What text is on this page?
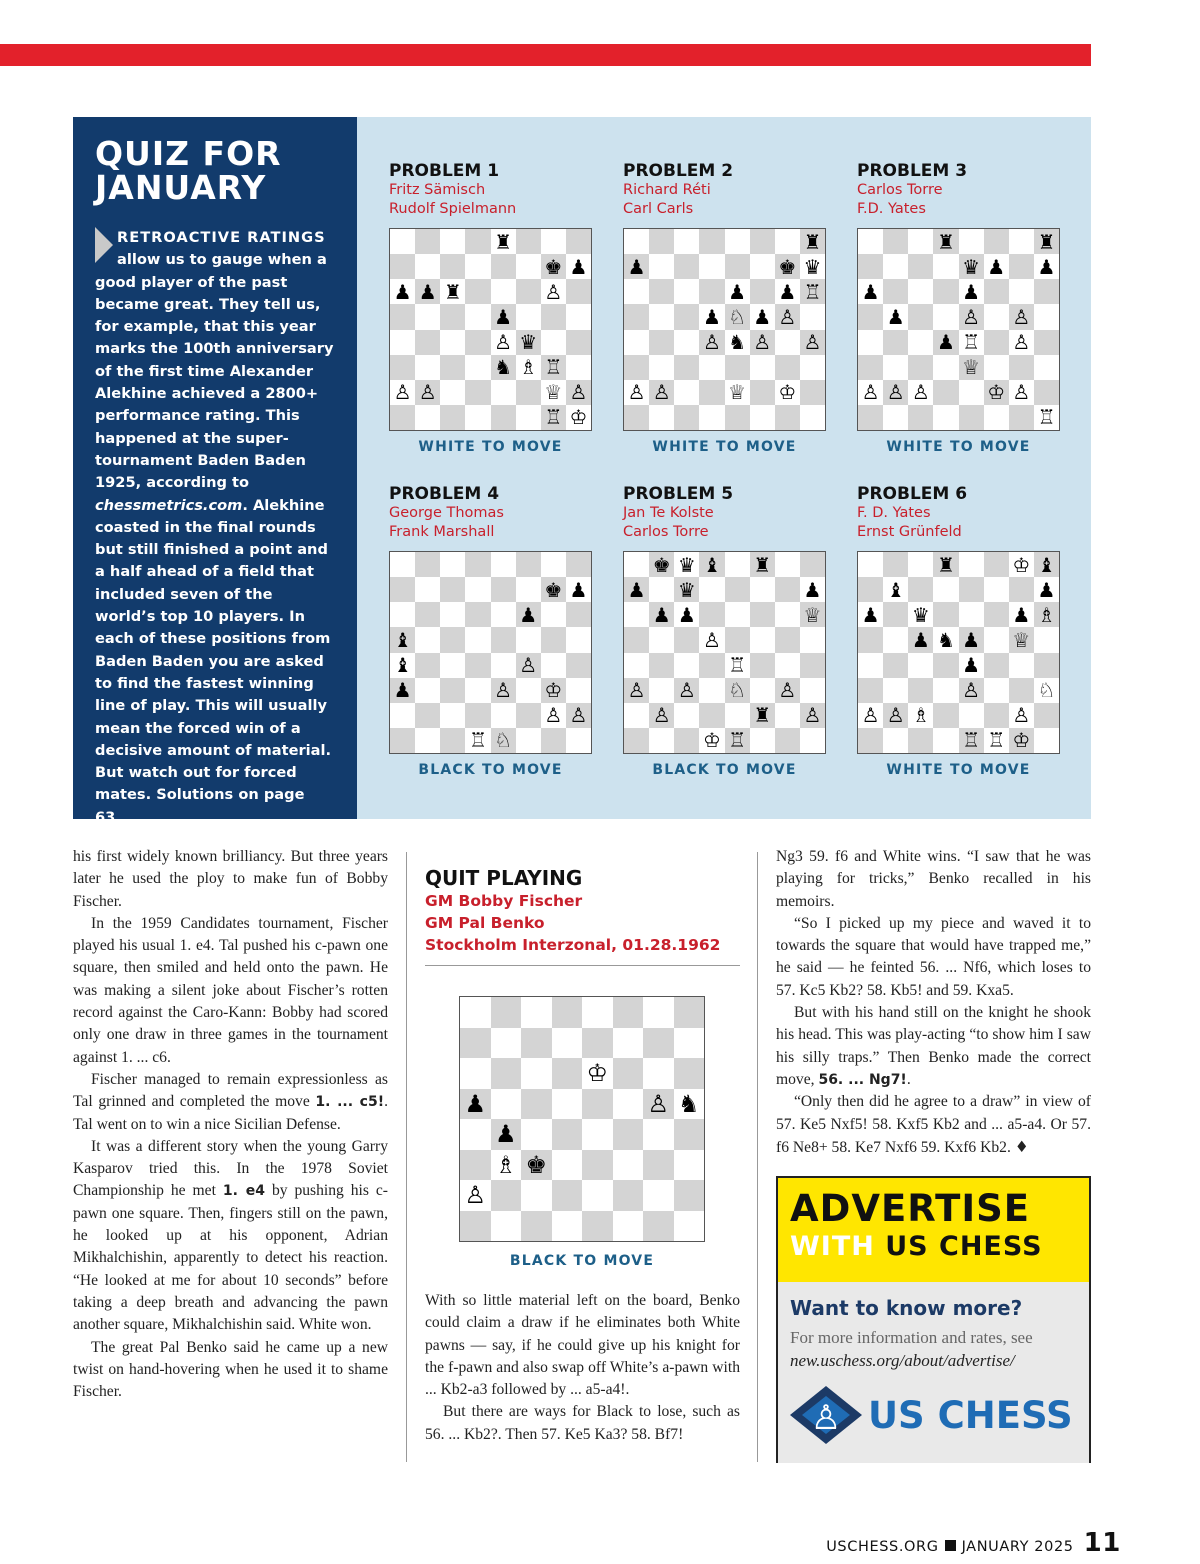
QUIZ FOR
JANUARY
RETROACTIVE RATINGS allow us to gauge when a good player of the past became great. They tell us, for example, that this year marks the 100th anniversary of the first time Alexander Alekhine achieved a 2800+ performance rating. This happened at the super-tournament Baden Baden 1925, according to chessmetrics.com. Alekhine coasted in the final rounds but still finished a point and a half ahead of a field that included seven of the world’s top 10 players. In each of these positions from Baden Baden you are asked to find the fastest winning line of play. This will usually mean the forced win of a decisive amount of material. But watch out for forced mates. Solutions on page 63.
PROBLEM 1
Fritz Sämisch
Rudolf Spielmann
♜
♚ ♟
♟ ♟ ♜	♙
♟
♙ ♛
♞ ♗ ♖
♙ ♙	♕ ♙
♖ ♔
WHITE TO MOVE
PROBLEM 2
Richard Réti
Carl Carls
♜
♟	♚ ♛
♟ ♟ ♖
♟ ♘ ♟ ♙
♙ ♞ ♙ ♙
♙ ♙	♕ ♔
WHITE TO MOVE
PROBLEM 3
Carlos Torre
F.D. Yates
♜	♜
♛ ♟ ♟
♟	♟
♟	♙ ♙
♟ ♖ ♙
♕
♙ ♙ ♙	♔ ♙
♖
WHITE TO MOVE
PROBLEM 4
George Thomas
Frank Marshall
♚ ♟
♟
♝
♝	♙
♟	♙ ♔
♙ ♙
♖ ♘
BLACK TO MOVE
PROBLEM 5
Jan Te Kolste
Carlos Torre
♚ ♛ ♝ ♜
♟ ♛	♟
♟ ♟	♕
♙
♖
♙ ♙ ♘ ♙
♙	♜ ♙
♔ ♖
BLACK TO MOVE
PROBLEM 6
F. D. Yates
Ernst Grünfeld
♜	♔ ♝
♝	♟
♟ ♛	♟ ♗
♟ ♞ ♟ ♕
♟
♙	♘
♙ ♙ ♗	♙
♖ ♖ ♔
WHITE TO MOVE

his first widely known brilliancy. But three years later he used the ploy to make fun of Bobby Fischer.

In the 1959 Candidates tournament, Fischer played his usual 1. e4. Tal pushed his c-pawn one square, then smiled and held onto the pawn. He was making a silent joke about Fischer’s rotten record against the Caro-Kann: Bobby had scored only one draw in three games in the tournament against 1. ... c6.

Fischer managed to remain expressionless as Tal grinned and completed the move 1. ... c5!. Tal went on to win a nice Sicilian Defense.

It was a different story when the young Garry Kasparov tried this. In the 1978 Soviet Championship he met 1. e4 by pushing his c-pawn one square. Then, fingers still on the pawn, he looked up at his opponent, Adrian Mikhalchishin, apparently to detect his reaction. “He looked at me for about 10 seconds” before taking a deep breath and advancing the pawn another square, Mikhalchishin said. White won.

The great Pal Benko said he came up a new twist on hand-hovering when he used it to shame Fischer.

QUIT PLAYING
GM Bobby Fischer
GM Pal Benko
Stockholm Interzonal, 01.28.1962
♔
♟	♙ ♞
♟
♗ ♚
♙
BLACK TO MOVE

With so little material left on the board, Benko could claim a draw if he eliminates both White pawns — say, if he could give up his knight for the f-pawn and also swap off White’s a-pawn with ... Kb2-a3 followed by ... a5-a4!.

But there are ways for Black to lose, such as 56. ... Kb2?. Then 57. Ke5 Ka3? 58. Bf7!

Ng3 59. f6 and White wins. “I saw that he was playing for tricks,” Benko recalled in his memoirs.

“So I picked up my piece and waved it to towards the square that would have trapped me,” he said — he feinted 56. ... Nf6, which loses to 57. Kc5 Kb2? 58. Kb5! and 59. Kxa5.

But with his hand still on the knight he shook his head. This was play-acting “to show him I saw his silly traps.” Then Benko made the correct move, 56. ... Ng7!.

“Only then did he agree to a draw” in view of 57. Ke5 Nxf5! 58. Kxf5 Kb2 and ... a5-a4. Or 57. f6 Ne8+ 58. Ke7 Nxf6 59. Kxf6 Kb2. ♦

ADVERTISE
WITH US CHESS
Want to know more?
For more information and rates, see new.uschess.org/about/advertise/
♙ US CHESS
USCHESS.ORG JANUARY 2025 11
